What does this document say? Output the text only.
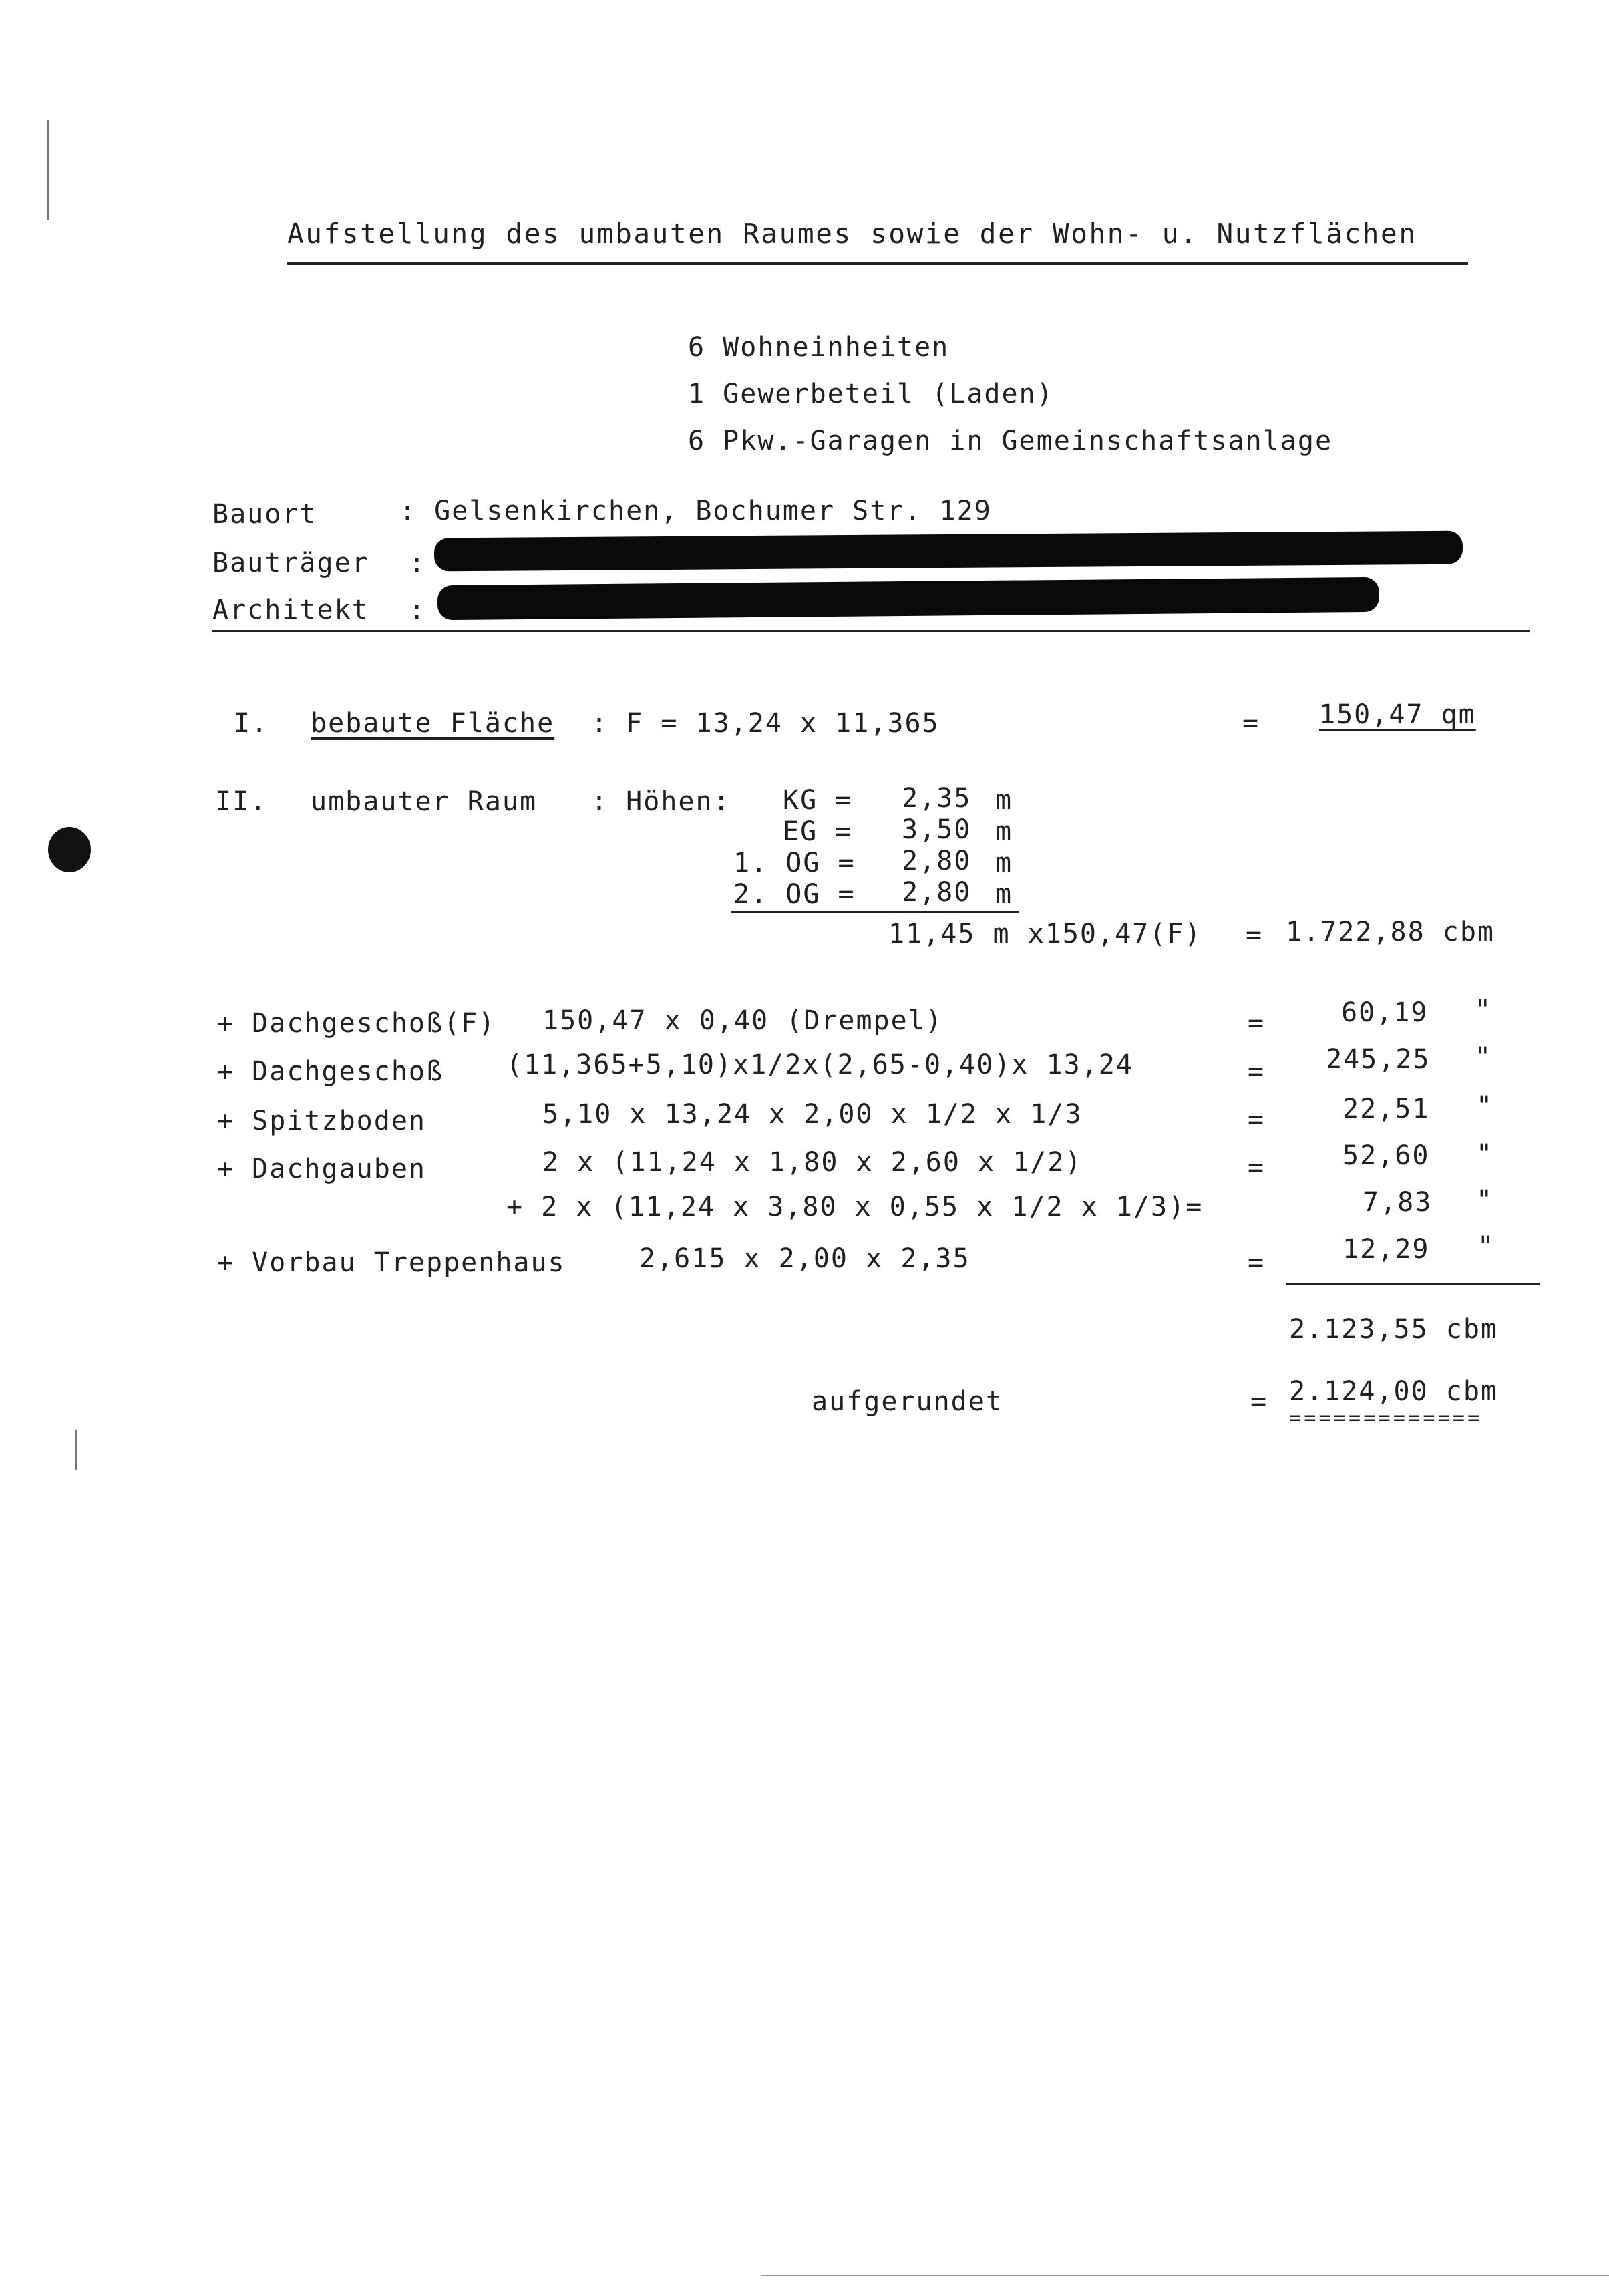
Aufstellung des umbauten Raumes sowie der Wohn- u. Nutzflächen
6 Wohneinheiten
1 Gewerbeteil (Laden)
6 Pkw.-Garagen in Gemeinschaftsanlage
Bauort	: Gelsenkirchen, Bochumer Str. 129
Bauträger :
Architekt :
I. bebaute Fläche : F = 13,24 x 11,365	= 150,47 qm
II. umbauter Raum : Höhen: KG = 2,35 m
EG = 3,50 m
1. OG = 2,80 m
2. OG = 2,80 m
11,45 m x150,47(F) = 1.722,88 cbm
+ Dachgeschoß(F) 150,47 x 0,40 (Drempel)	=	60,19 "
+ Dachgeschoß (11,365+5,10)x1/2x(2,65-0,40)x 13,24	= 245,25 "
+ Spitzboden	5,10 x 13,24 x 2,00 x 1/2 x 1/3	=	22,51 "
+ Dachgauben	2 x (11,24 x 1,80 x 2,60 x 1/2)	=	52,60 "
+ 2 x (11,24 x 3,80 x 0,55 x 1/2 x 1/3)=	7,83 "
+ Vorbau Treppenhaus	2,615 x 2,00 x 2,35	=	12,29 "
2.123,55 cbm
aufgerundet	= 2.124,00 cbm
=============
